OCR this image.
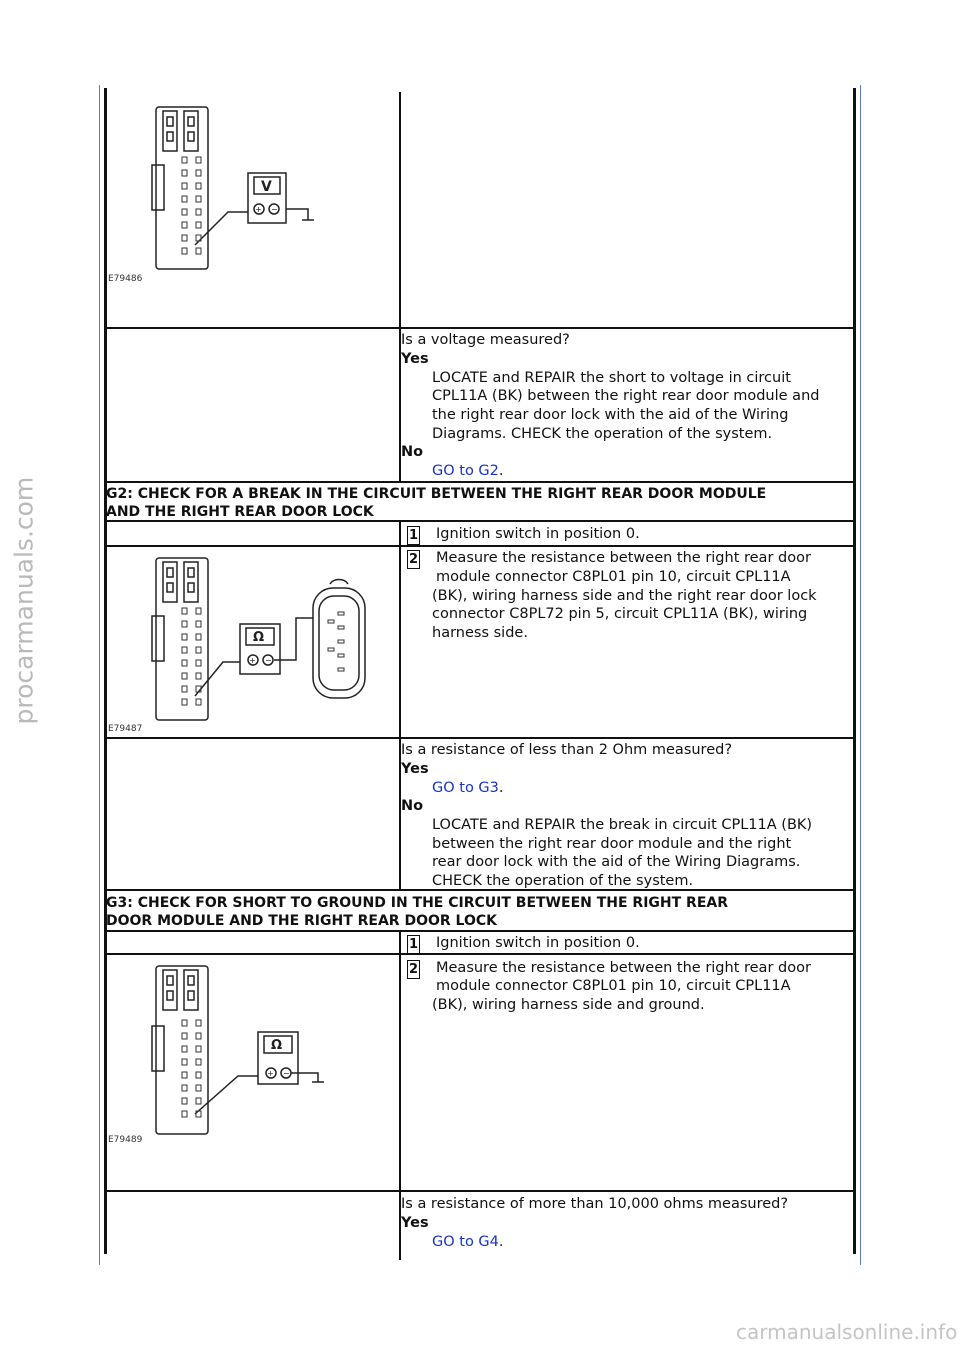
procarmanuals.com
carmanualsonline.info
V
+ −
E79486
Is a voltage measured?
Yes
LOCATE and REPAIR the short to voltage in circuit
CPL11A (BK) between the right rear door module and
the right rear door lock with the aid of the Wiring
Diagrams. CHECK the operation of the system.
No
GO to G2.
G2: CHECK FOR A BREAK IN THE CIRCUIT BETWEEN THE RIGHT REAR DOOR MODULE
AND THE RIGHT REAR DOOR LOCK
1 Ignition switch in position 0.
2 Measure the resistance between the right rear door
module connector C8PL01 pin 10, circuit CPL11A
(BK), wiring harness side and the right rear door lock
connector C8PL72 pin 5, circuit CPL11A (BK), wiring
harness side.
Ω
+ −
E79487
Is a resistance of less than 2 Ohm measured?
Yes
GO to G3.
No
LOCATE and REPAIR the break in circuit CPL11A (BK)
between the right rear door module and the right
rear door lock with the aid of the Wiring Diagrams.
CHECK the operation of the system.
G3: CHECK FOR SHORT TO GROUND IN THE CIRCUIT BETWEEN THE RIGHT REAR
DOOR MODULE AND THE RIGHT REAR DOOR LOCK
1 Ignition switch in position 0.
2 Measure the resistance between the right rear door
module connector C8PL01 pin 10, circuit CPL11A
(BK), wiring harness side and ground.
Ω
+ −
E79489
Is a resistance of more than 10,000 ohms measured?
Yes
GO to G4.
